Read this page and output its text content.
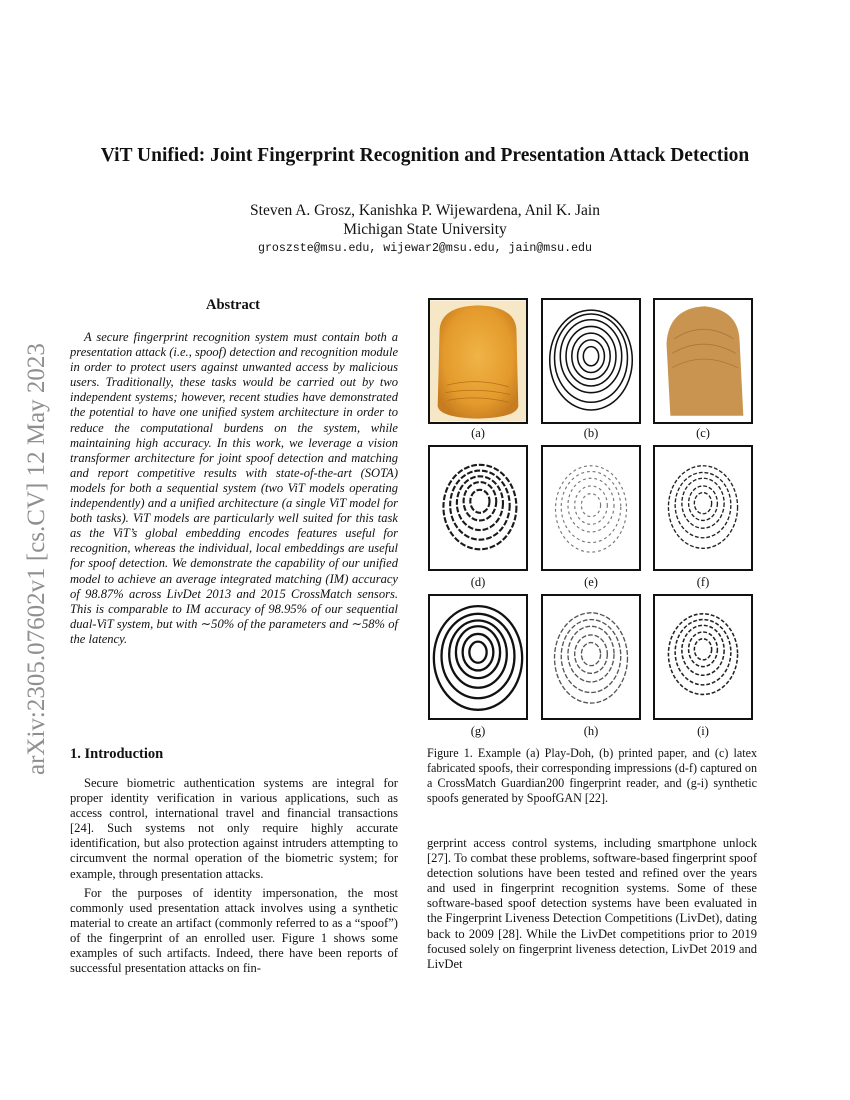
ViT Unified: Joint Fingerprint Recognition and Presentation Attack Detection
Steven A. Grosz, Kanishka P. Wijewardena, Anil K. Jain
Michigan State University
groszste@msu.edu, wijewar2@msu.edu, jain@msu.edu
arXiv:2305.07602v1 [cs.CV] 12 May 2023
Abstract

A secure fingerprint recognition system must contain both a presentation attack (i.e., spoof) detection and recognition module in order to protect users against unwanted access by malicious users. Traditionally, these tasks would be carried out by two independent systems; however, recent studies have demonstrated the potential to have one unified system architecture in order to reduce the computational burdens on the system, while maintaining high accuracy. In this work, we leverage a vision transformer architecture for joint spoof detection and matching and report competitive results with state-of-the-art (SOTA) models for both a sequential system (two ViT models operating independently) and a unified architecture (a single ViT model for both tasks). ViT models are particularly well suited for this task as the ViT’s global embedding encodes features useful for recognition, whereas the individual, local embeddings are useful for spoof detection. We demonstrate the capability of our unified model to achieve an average integrated matching (IM) accuracy of 98.87% across LivDet 2013 and 2015 CrossMatch sensors. This is comparable to IM accuracy of 98.95% of our sequential dual-ViT system, but with ∼50% of the parameters and ∼58% of the latency.

1. Introduction

Secure biometric authentication systems are integral for proper identity verification in various applications, such as access control, international travel and financial transactions [24]. Such systems not only require highly accurate identification, but also protection against intruders attempting to circumvent the normal operation of the biometric system; for example, through presentation attacks.

For the purposes of identity impersonation, the most commonly used presentation attack involves using a synthetic material to create an artifact (commonly referred to as a “spoof”) of the fingerprint of an enrolled user. Figure 1 shows some examples of such artifacts. Indeed, there have been reports of successful presentation attacks on fin-

(a)	(b)	(c)
(d)	(e)	(f)
(g)	(h)	(i)

Figure 1. Example (a) Play-Doh, (b) printed paper, and (c) latex fabricated spoofs, their corresponding impressions (d-f) captured on a CrossMatch Guardian200 fingerprint reader, and (g-i) synthetic spoofs generated by SpoofGAN [22].

gerprint access control systems, including smartphone unlock [27]. To combat these problems, software-based fingerprint spoof detection solutions have been tested and refined over the years and used in fingerprint recognition systems. Some of these software-based spoof detection systems have been evaluated in the Fingerprint Liveness Detection Competitions (LivDet), dating back to 2009 [28]. While the LivDet competitions prior to 2019 focused solely on fingerprint liveness detection, LivDet 2019 and LivDet
